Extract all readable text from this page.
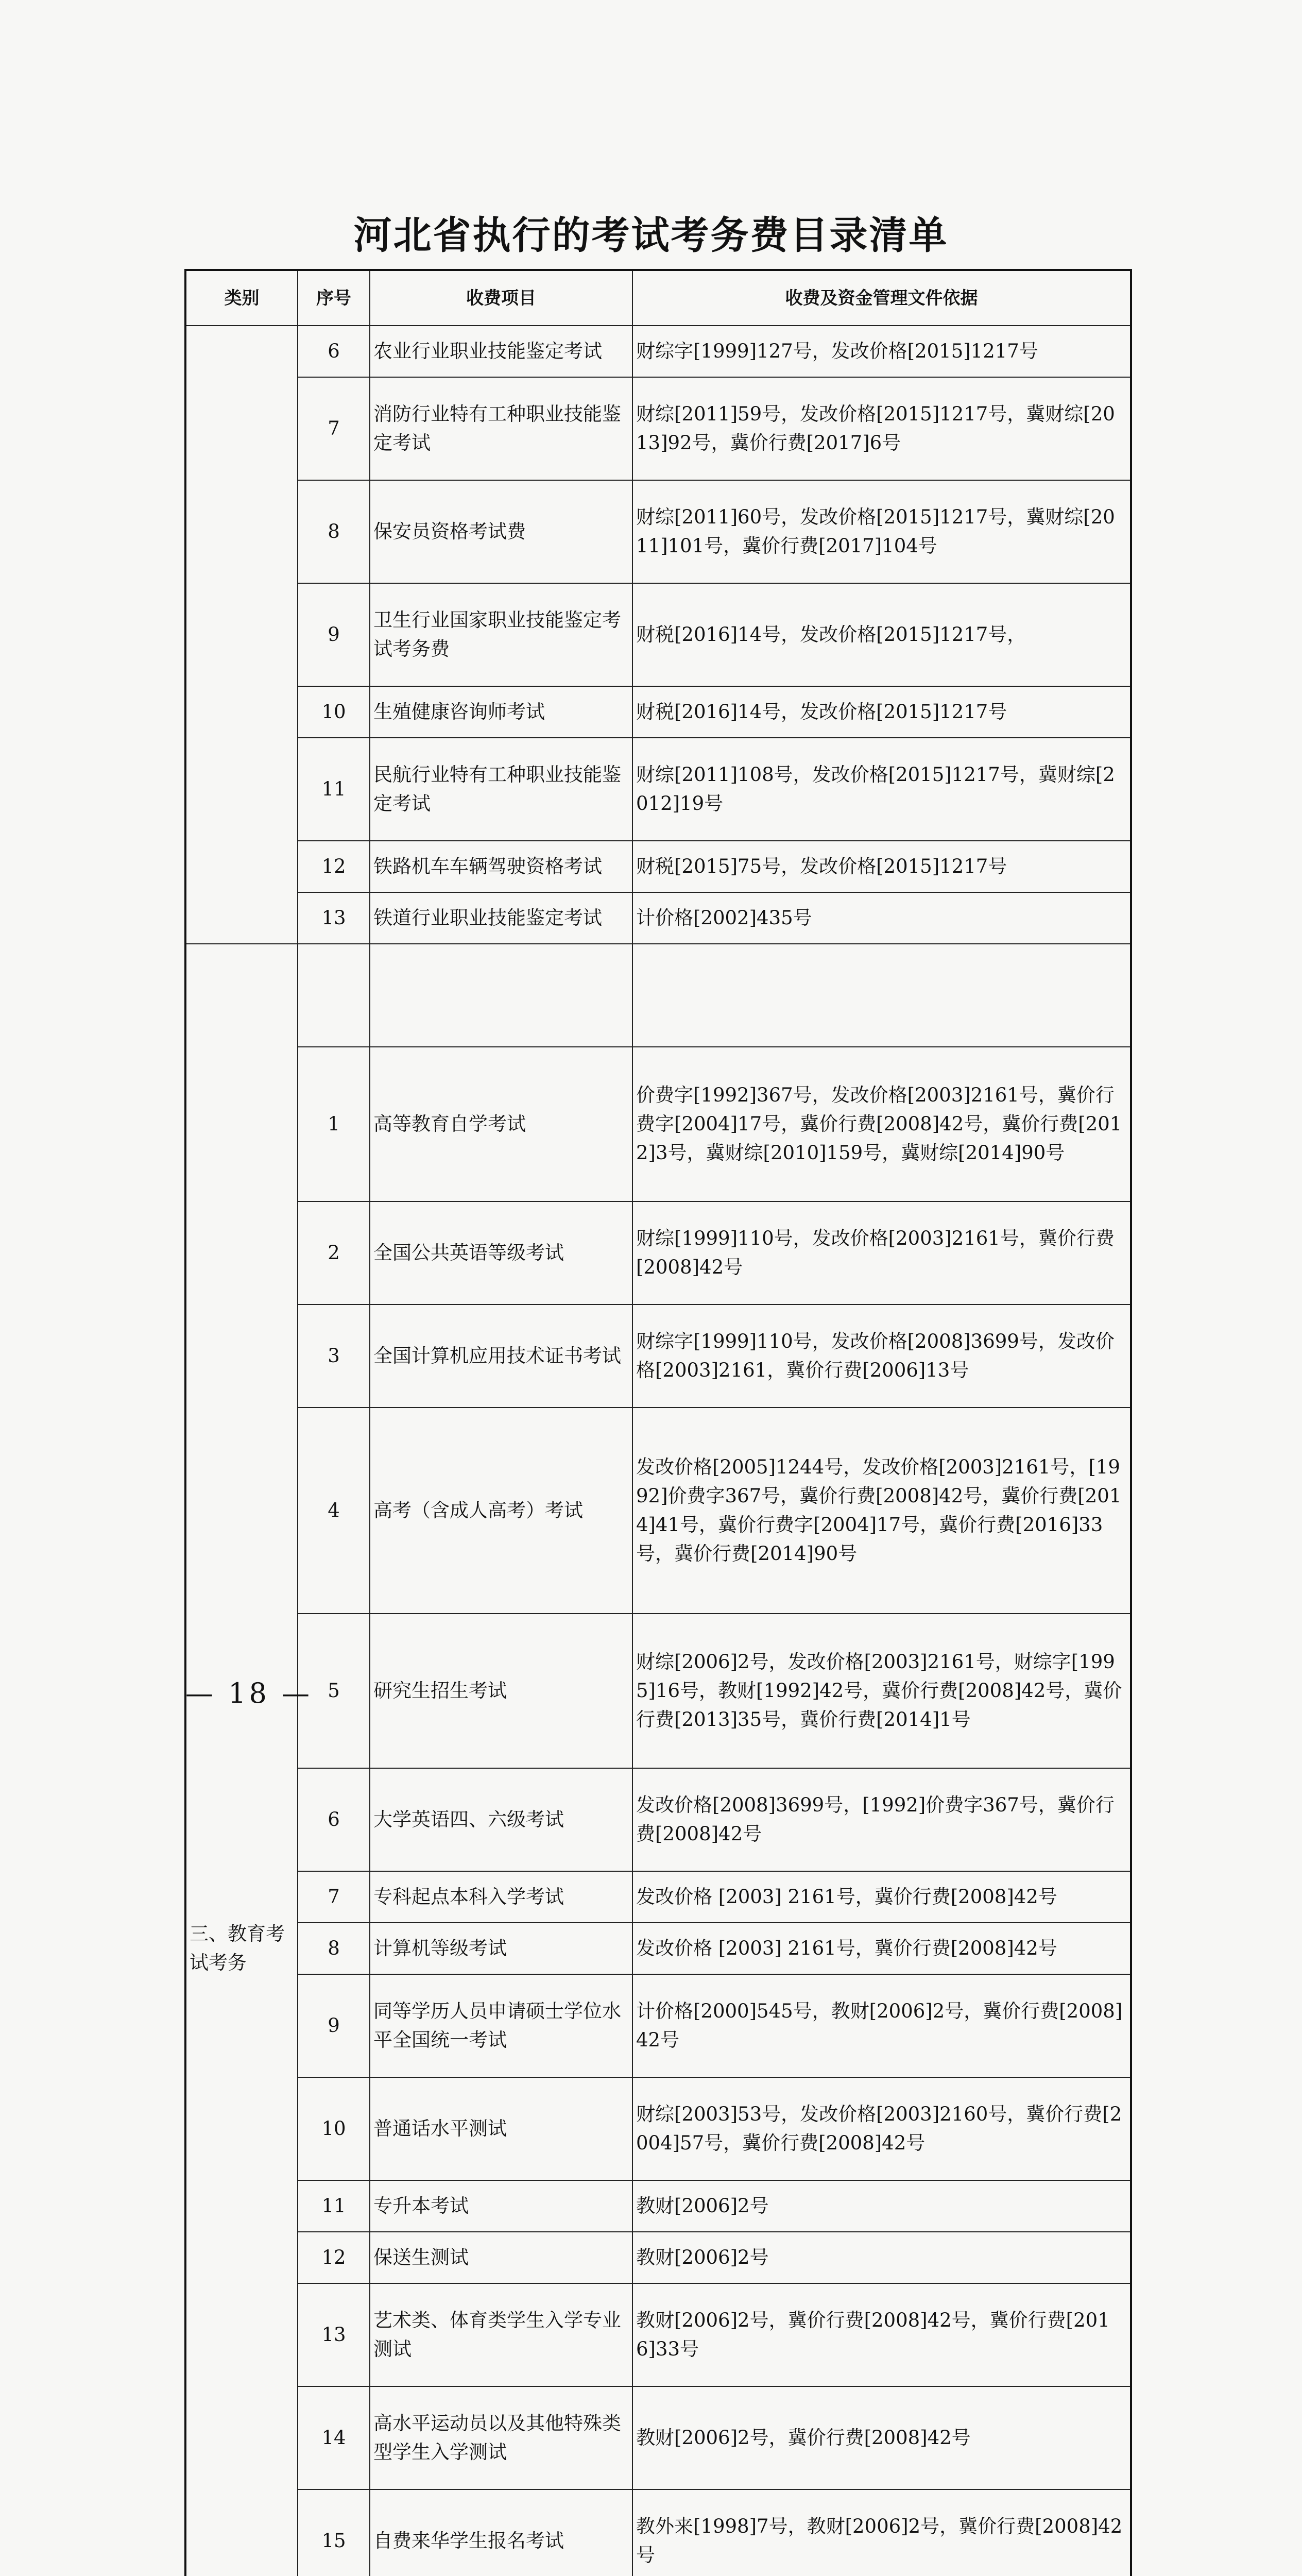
河北省执行的考试考务费目录清单
类别	序号	收费项目	收费及资金管理文件依据
	6	农业行业职业技能鉴定考试	财综字[1999]127号，发改价格[2015]1217号
	7	消防行业特有工种职业技能鉴定考试	财综[2011]59号，发改价格[2015]1217号，冀财综[2013]92号，冀价行费[2017]6号
	8	保安员资格考试费	财综[2011]60号，发改价格[2015]1217号，冀财综[2011]101号，冀价行费[2017]104号
	9	卫生行业国家职业技能鉴定考试考务费	财税[2016]14号，发改价格[2015]1217号，
	10	生殖健康咨询师考试	财税[2016]14号，发改价格[2015]1217号
	11	民航行业特有工种职业技能鉴定考试	财综[2011]108号，发改价格[2015]1217号，冀财综[2012]19号
	12	铁路机车车辆驾驶资格考试	财税[2015]75号，发改价格[2015]1217号
	13	铁道行业职业技能鉴定考试	计价格[2002]435号
三、教育考试考务			
	1	高等教育自学考试	价费字[1992]367号，发改价格[2003]2161号，冀价行费字[2004]17号，冀价行费[2008]42号，冀价行费[2012]3号，冀财综[2010]159号，冀财综[2014]90号
	2	全国公共英语等级考试	财综[1999]110号，发改价格[2003]2161号，冀价行费[2008]42号
	3	全国计算机应用技术证书考试	财综字[1999]110号，发改价格[2008]3699号，发改价格[2003]2161，冀价行费[2006]13号
	4	高考（含成人高考）考试	发改价格[2005]1244号，发改价格[2003]2161号，[1992]价费字367号，冀价行费[2008]42号，冀价行费[2014]41号，冀价行费字[2004]17号，冀价行费[2016]33号，冀价行费[2014]90号
	5	研究生招生考试	财综[2006]2号，发改价格[2003]2161号，财综字[1995]16号，教财[1992]42号，冀价行费[2008]42号，冀价行费[2013]35号，冀价行费[2014]1号
	6	大学英语四、六级考试	发改价格[2008]3699号，[1992]价费字367号，冀价行费[2008]42号
	7	专科起点本科入学考试	发改价格 [2003] 2161号，冀价行费[2008]42号
	8	计算机等级考试	发改价格 [2003] 2161号，冀价行费[2008]42号
	9	同等学历人员申请硕士学位水平全国统一考试	计价格[2000]545号，教财[2006]2号，冀价行费[2008]42号
	10	普通话水平测试	财综[2003]53号，发改价格[2003]2160号，冀价行费[2004]57号，冀价行费[2008]42号
	11	专升本考试	教财[2006]2号
	12	保送生测试	教财[2006]2号
	13	艺术类、体育类学生入学专业测试	教财[2006]2号，冀价行费[2008]42号，冀价行费[2016]33号
	14	高水平运动员以及其他特殊类型学生入学测试	教财[2006]2号，冀价行费[2008]42号
	15	自费来华学生报名考试	教外来[1998]7号，教财[2006]2号，冀价行费[2008]42号

— 18 —
